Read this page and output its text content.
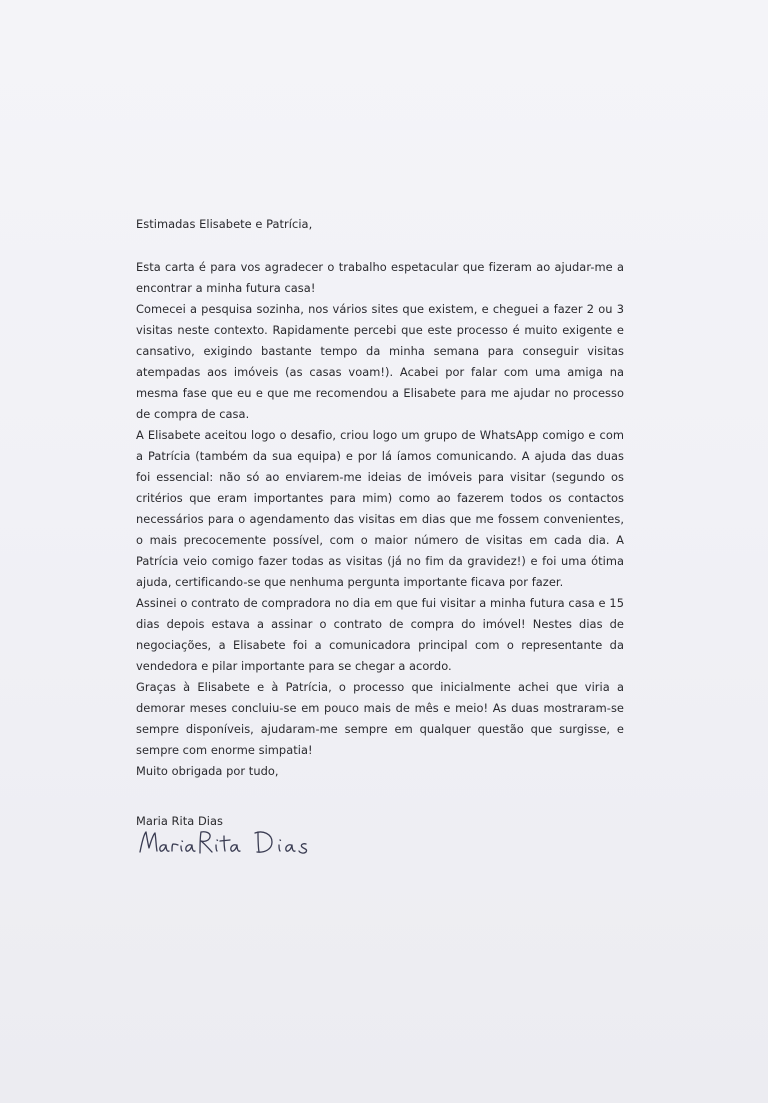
Estimadas Elisabete e Patrícia,

Esta carta é para vos agradecer o trabalho espetacular que fizeram ao ajudar-me a encontrar a minha futura casa!

Comecei a pesquisa sozinha, nos vários sites que existem, e cheguei a fazer 2 ou 3 visitas neste contexto. Rapidamente percebi que este processo é muito exigente e cansativo, exigindo bastante tempo da minha semana para conseguir visitas atempadas aos imóveis (as casas voam!). Acabei por falar com uma amiga na mesma fase que eu e que me recomendou a Elisabete para me ajudar no processo de compra de casa.

A Elisabete aceitou logo o desafio, criou logo um grupo de WhatsApp comigo e com a Patrícia (também da sua equipa) e por lá íamos comunicando. A ajuda das duas foi essencial: não só ao enviarem-me ideias de imóveis para visitar (segundo os critérios que eram importantes para mim) como ao fazerem todos os contactos necessários para o agendamento das visitas em dias que me fossem convenientes, o mais precocemente possível, com o maior número de visitas em cada dia. A Patrícia veio comigo fazer todas as visitas (já no fim da gravidez!) e foi uma ótima ajuda, certificando-se que nenhuma pergunta importante ficava por fazer.

Assinei o contrato de compradora no dia em que fui visitar a minha futura casa e 15 dias depois estava a assinar o contrato de compra do imóvel! Nestes dias de negociações, a Elisabete foi a comunicadora principal com o representante da vendedora e pilar importante para se chegar a acordo.

Graças à Elisabete e à Patrícia, o processo que inicialmente achei que viria a demorar meses concluiu-se em pouco mais de mês e meio! As duas mostraram-se sempre disponíveis, ajudaram-me sempre em qualquer questão que surgisse, e sempre com enorme simpatia!

Muito obrigada por tudo,

Maria Rita Dias
